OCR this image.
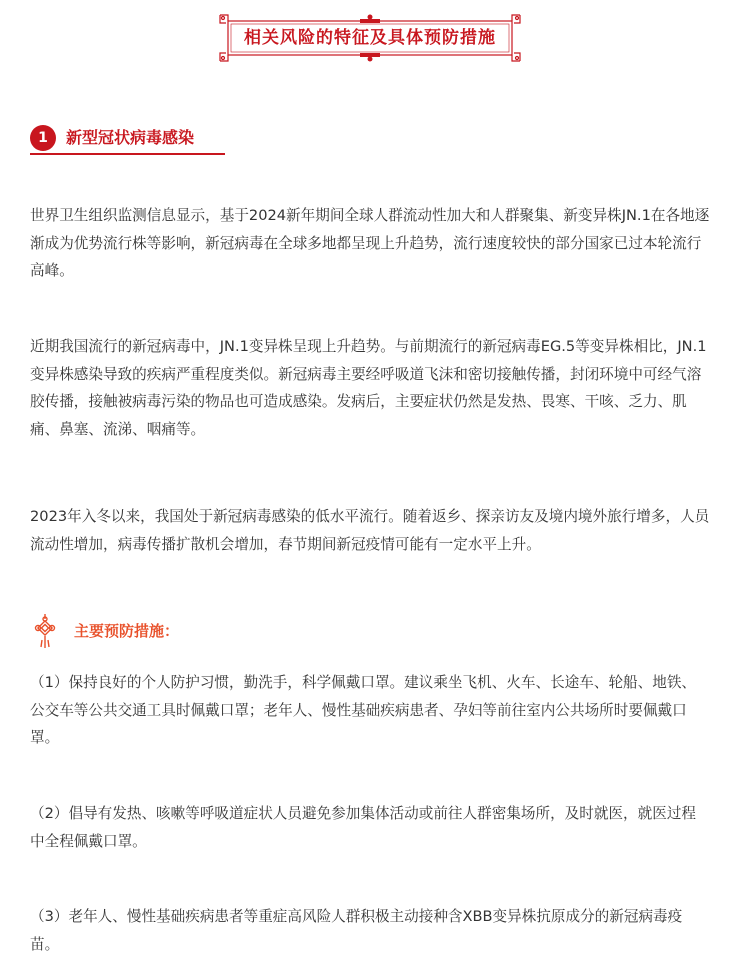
相关风险的特征及具体预防措施
1	新型冠状病毒感染

世界卫生组织监测信息显示，基于2024新年期间全球人群流动性加大和人群聚集、新变异株JN.1在各地逐渐成为优势流行株等影响，新冠病毒在全球多地都呈现上升趋势，流行速度较快的部分国家已过本轮流行高峰。

近期我国流行的新冠病毒中，JN.1变异株呈现上升趋势。与前期流行的新冠病毒EG.5等变异株相比，JN.1变异株感染导致的疾病严重程度类似。新冠病毒主要经呼吸道飞沫和密切接触传播，封闭环境中可经气溶胶传播，接触被病毒污染的物品也可造成感染。发病后，主要症状仍然是发热、畏寒、干咳、乏力、肌痛、鼻塞、流涕、咽痛等。

2023年入冬以来，我国处于新冠病毒感染的低水平流行。随着返乡、探亲访友及境内境外旅行增多，人员流动性增加，病毒传播扩散机会增加，春节期间新冠疫情可能有一定水平上升。

主要预防措施：

（1）保持良好的个人防护习惯，勤洗手，科学佩戴口罩。建议乘坐飞机、火车、长途车、轮船、地铁、公交车等公共交通工具时佩戴口罩；老年人、慢性基础疾病患者、孕妇等前往室内公共场所时要佩戴口罩。

（2）倡导有发热、咳嗽等呼吸道症状人员避免参加集体活动或前往人群密集场所，及时就医，就医过程中全程佩戴口罩。

（3）老年人、慢性基础疾病患者等重症高风险人群积极主动接种含XBB变异株抗原成分的新冠病毒疫苗。
